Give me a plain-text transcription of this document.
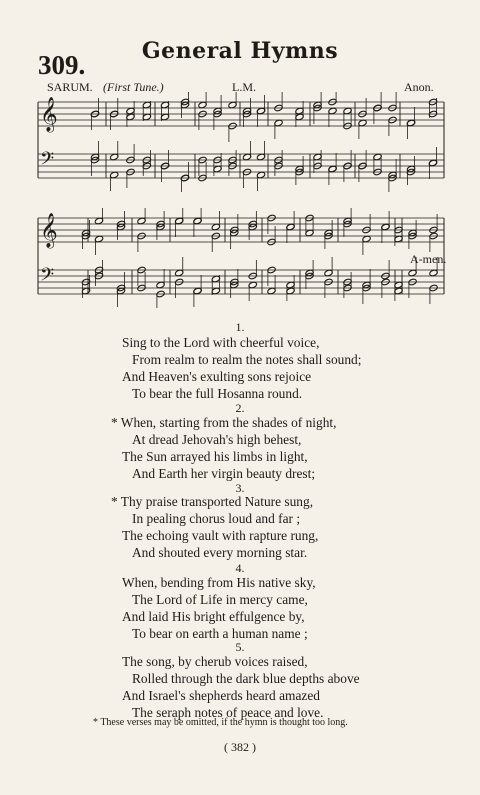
309.	General Hymns
SARUM. (First Tune.)	L.M.	Anon.
𝄞
𝄢
𝄞
𝄢
A-men.
1.
Sing to the Lord with cheerful voice,
From realm to realm the notes shall sound;
And Heaven's exulting sons rejoice
To bear the full Hosanna round.
2.
* When, starting from the shades of night,
At dread Jehovah's high behest,
The Sun arrayed his limbs in light,
And Earth her virgin beauty drest;
3.
* Thy praise transported Nature sung,
In pealing chorus loud and far ;
The echoing vault with rapture rung,
And shouted every morning star.
4.
When, bending from His native sky,
The Lord of Life in mercy came,
And laid His bright effulgence by,
To bear on earth a human name ;
5.
The song, by cherub voices raised,
Rolled through the dark blue depths above
And Israel's shepherds heard amazed
The seraph notes of peace and love.
* These verses may be omitted, if the hymn is thought too long.
( 382 )
